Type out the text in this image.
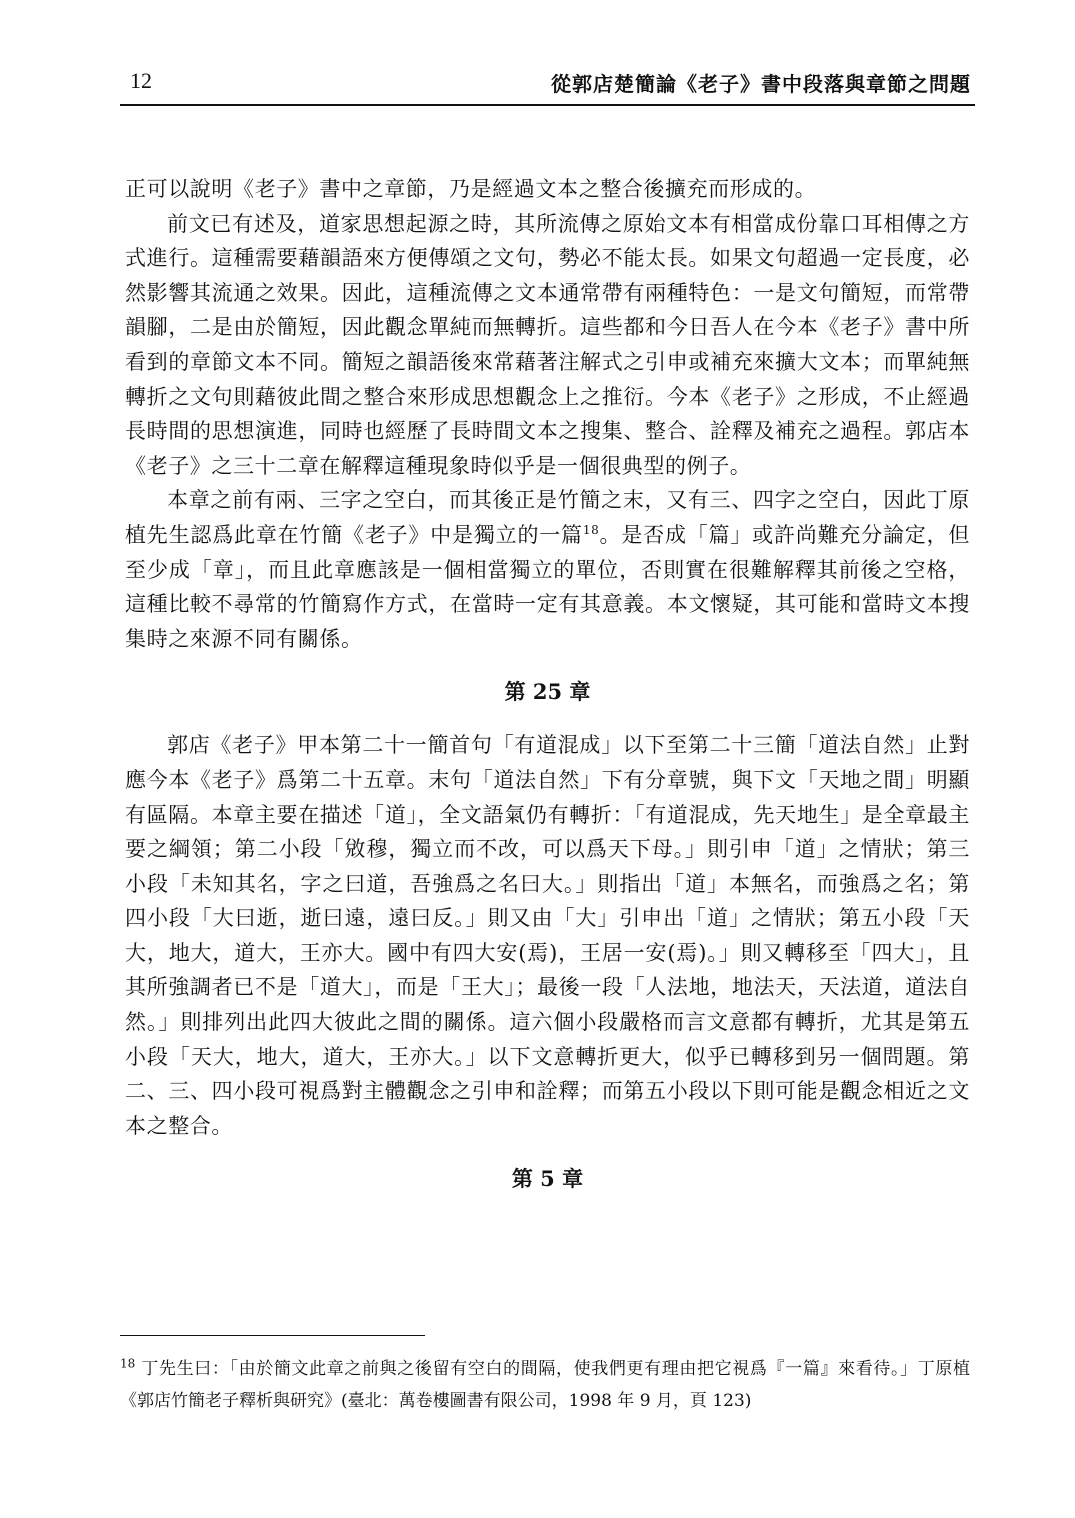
12	從郭店楚簡論《老子》書中段落與章節之問題

正可以說明《老子》書中之章節，乃是經過文本之整合後擴充而形成的。

前文已有述及，道家思想起源之時，其所流傳之原始文本有相當成份靠口耳相傳之方式進行。這種需要藉韻語來方便傳頌之文句，勢必不能太長。如果文句超過一定長度，必然影響其流通之效果。因此，這種流傳之文本通常帶有兩種特色：一是文句簡短，而常帶韻腳，二是由於簡短，因此觀念單純而無轉折。這些都和今日吾人在今本《老子》書中所看到的章節文本不同。簡短之韻語後來常藉著注解式之引申或補充來擴大文本；而單純無轉折之文句則藉彼此間之整合來形成思想觀念上之推衍。今本《老子》之形成，不止經過長時間的思想演進，同時也經歷了長時間文本之搜集、整合、詮釋及補充之過程。郭店本《老子》之三十二章在解釋這種現象時似乎是一個很典型的例子。

本章之前有兩、三字之空白，而其後正是竹簡之末，又有三、四字之空白，因此丁原植先生認爲此章在竹簡《老子》中是獨立的一篇$^{18}$。是否成「篇」或許尚難充分論定，但至少成「章」，而且此章應該是一個相當獨立的單位，否則實在很難解釋其前後之空格，這種比較不尋常的竹簡寫作方式，在當時一定有其意義。本文懷疑，其可能和當時文本搜集時之來源不同有關係。

第 25 章

郭店《老子》甲本第二十一簡首句「有道混成」以下至第二十三簡「道法自然」止對應今本《老子》爲第二十五章。末句「道法自然」下有分章號，與下文「天地之間」明顯有區隔。本章主要在描述「道」，全文語氣仍有轉折：「有道混成，先天地生」是全章最主要之綱領；第二小段「敓穆，獨立而不改，可以爲天下母。」則引申「道」之情狀；第三小段「未知其名，字之曰道，吾強爲之名曰大。」則指出「道」本無名，而強爲之名；第四小段「大曰逝，逝曰遠，遠曰反。」則又由「大」引申出「道」之情狀；第五小段「天大，地大，道大，王亦大。國中有四大安(焉)，王居一安(焉)。」則又轉移至「四大」，且其所強調者已不是「道大」，而是「王大」；最後一段「人法地，地法天，天法道，道法自然。」則排列出此四大彼此之間的關係。這六個小段嚴格而言文意都有轉折，尤其是第五小段「天大，地大，道大，王亦大。」以下文意轉折更大，似乎已轉移到另一個問題。第二、三、四小段可視爲對主體觀念之引申和詮釋；而第五小段以下則可能是觀念相近之文本之整合。

第 5 章
$^{18}$ 丁先生曰：「由於簡文此章之前與之後留有空白的間隔，使我們更有理由把它視爲『一篇』來看待。」丁原植《郭店竹簡老子釋析與研究》(臺北：萬卷樓圖書有限公司，1998 年 9 月，頁 123)
